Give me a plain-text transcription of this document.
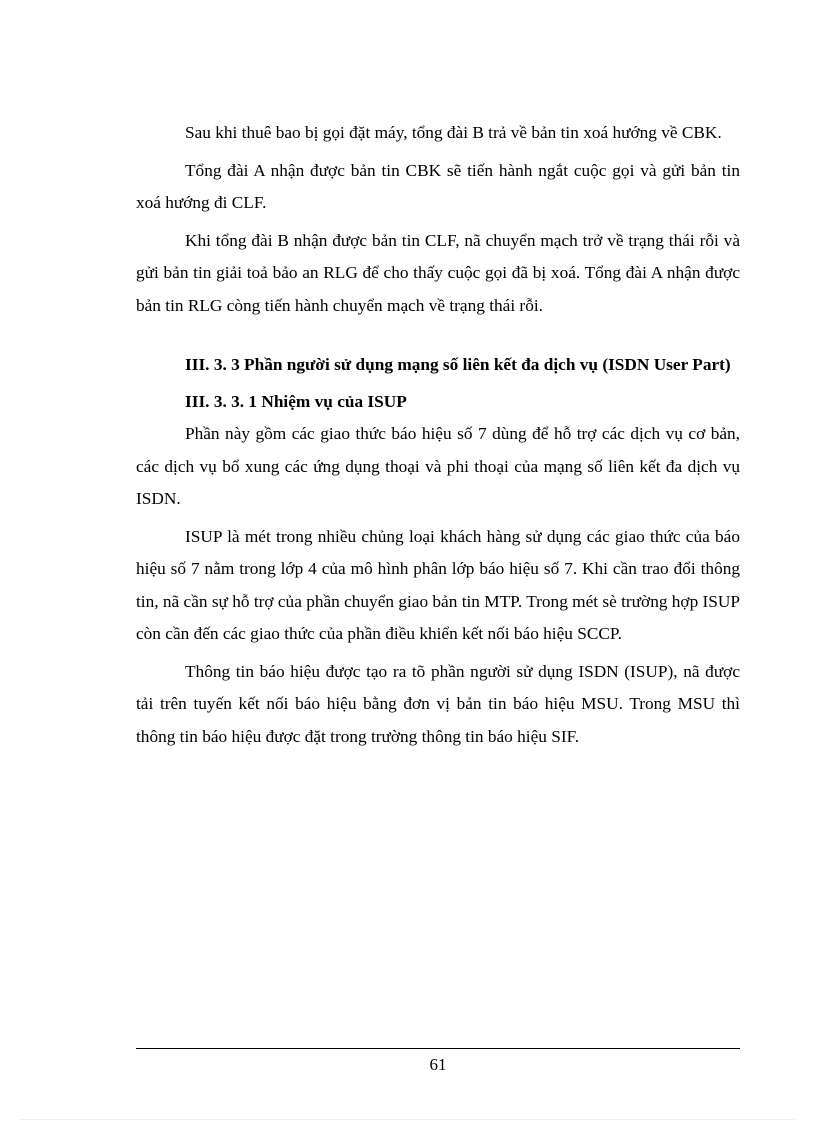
Sau khi thuê bao bị gọi đặt máy, tổng đài B trả về bản tin xoá hướng về CBK.

Tổng đài A nhận được bản tin CBK sẽ tiến hành ngắt cuộc gọi và gửi bản tin xoá hướng đi CLF.

Khi tổng đài B nhận được bản tin CLF, nã chuyển mạch trở về trạng thái rỗi và gửi bản tin giải toả bảo an RLG để cho thấy cuộc gọi đã bị xoá. Tổng đài A nhận được bản tin RLG còng tiến hành chuyển mạch về trạng thái rỗi.

III. 3. 3 Phần người sử dụng mạng số liên kết đa dịch vụ (ISDN User Part)

III. 3. 3. 1 Nhiệm vụ của ISUP

Phần này gồm các giao thức báo hiệu số 7 dùng để hỗ trợ các dịch vụ cơ bản, các dịch vụ bổ xung các ứng dụng thoại và phi thoại của mạng số liên kết đa dịch vụ ISDN.

ISUP là mét trong nhiều chủng loại khách hàng sử dụng các giao thức của báo hiệu số 7 nằm trong lớp 4 của mô hình phân lớp báo hiệu số 7. Khi cần trao đổi thông tin, nã cần sự hỗ trợ của phần chuyển giao bản tin MTP. Trong mét sè trường hợp ISUP còn cần đến các giao thức của phần điều khiển kết nối báo hiệu SCCP.

Thông tin báo hiệu được tạo ra tõ phần người sử dụng ISDN (ISUP), nã được tải trên tuyến kết nối báo hiệu bằng đơn vị bản tin báo hiệu MSU. Trong MSU thì thông tin báo hiệu được đặt trong trường thông tin báo hiệu SIF.

61
